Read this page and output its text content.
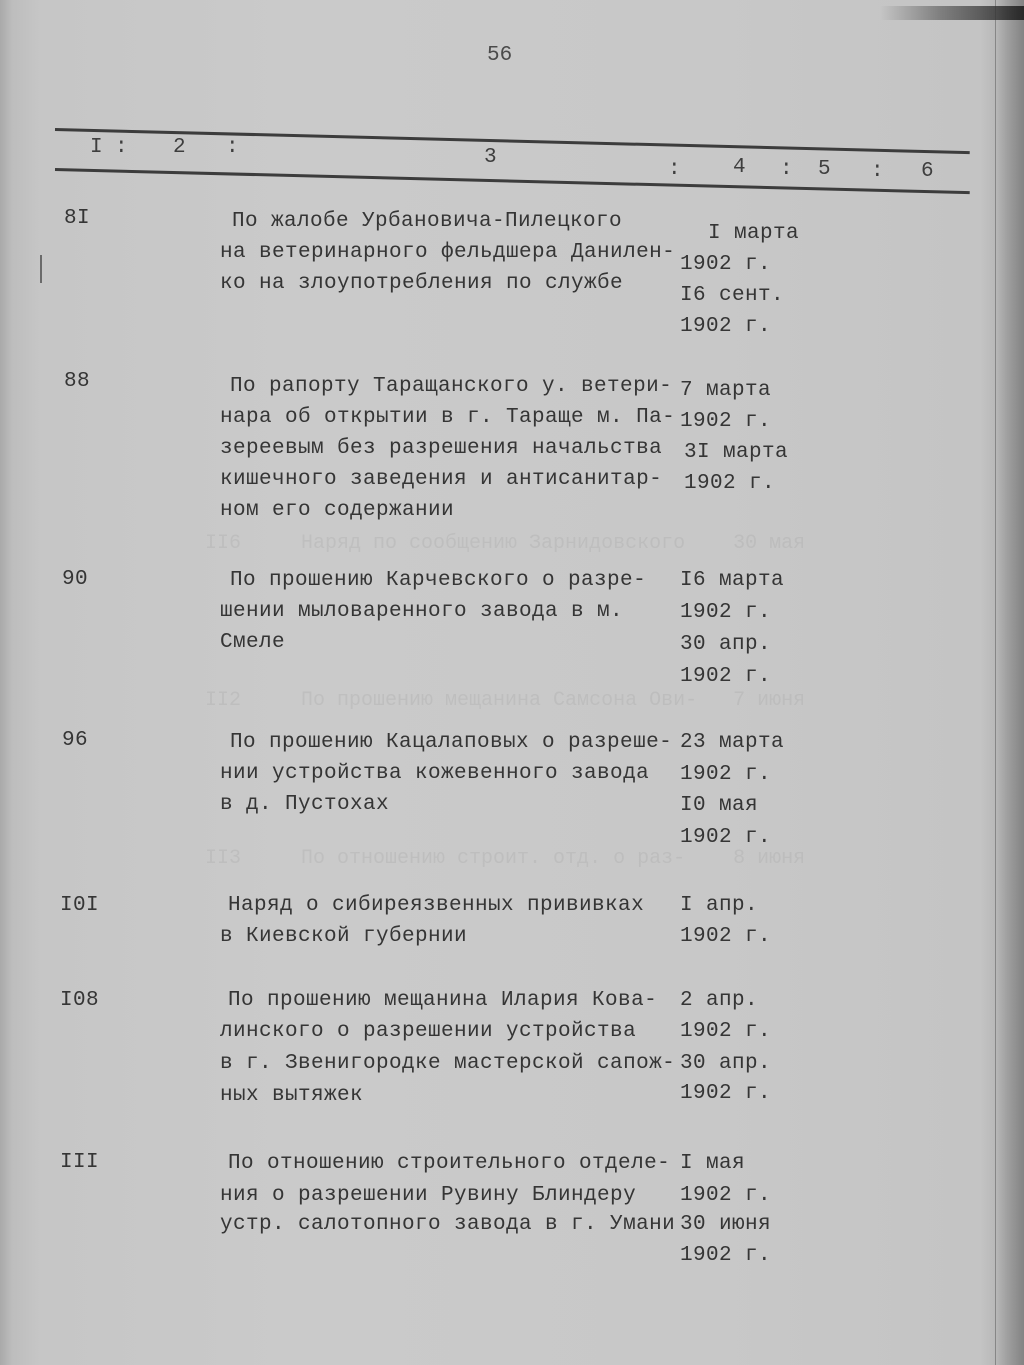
II6     Наряд по сообщению Зарнидовского    30 мая
II2     По прошению мещанина Самсона Ови-   7 июня
II3     По отношению строит. отд. о раз-    8 июня
56
I : 2 :	3
: 4 : 5 : 6
8I	По жалобе Урбановича-Пилецкого
на ветеринарного фельдшера Данилен-
ко на злоупотребления по службе
I марта
1902 г.
I6 сент.
1902 г.
88	По рапорту Таращанского у. ветери-
нара об открытии в г. Тараще м. Па-
зереевым без разрешения начальства
кишечного заведения и антисанитар-
ном его содержании
7 марта
1902 г.
3I марта
1902 г.
90	По прошению Карчевского о разре-
шении мыловаренного завода в м.
Смеле
I6 марта
1902 г.
30 апр.
1902 г.
96	По прошению Кацалаповых о разреше-
нии устройства кожевенного завода
в д. Пустохах
23 марта
1902 г.
I0 мая
1902 г.
I0I	Наряд о сибиреязвенных прививках
в Киевской губернии
I апр.
1902 г.
I08	По прошению мещанина Илария Кова-
линского о разрешении устройства
в г. Звенигородке мастерской сапож-
ных вытяжек
2 апр.
1902 г.
30 апр.
1902 г.
III	По отношению строительного отделе-
ния о разрешении Рувину Блиндеру
устр. салотопного завода в г. Умани
I мая
1902 г.
30 июня
1902 г.
